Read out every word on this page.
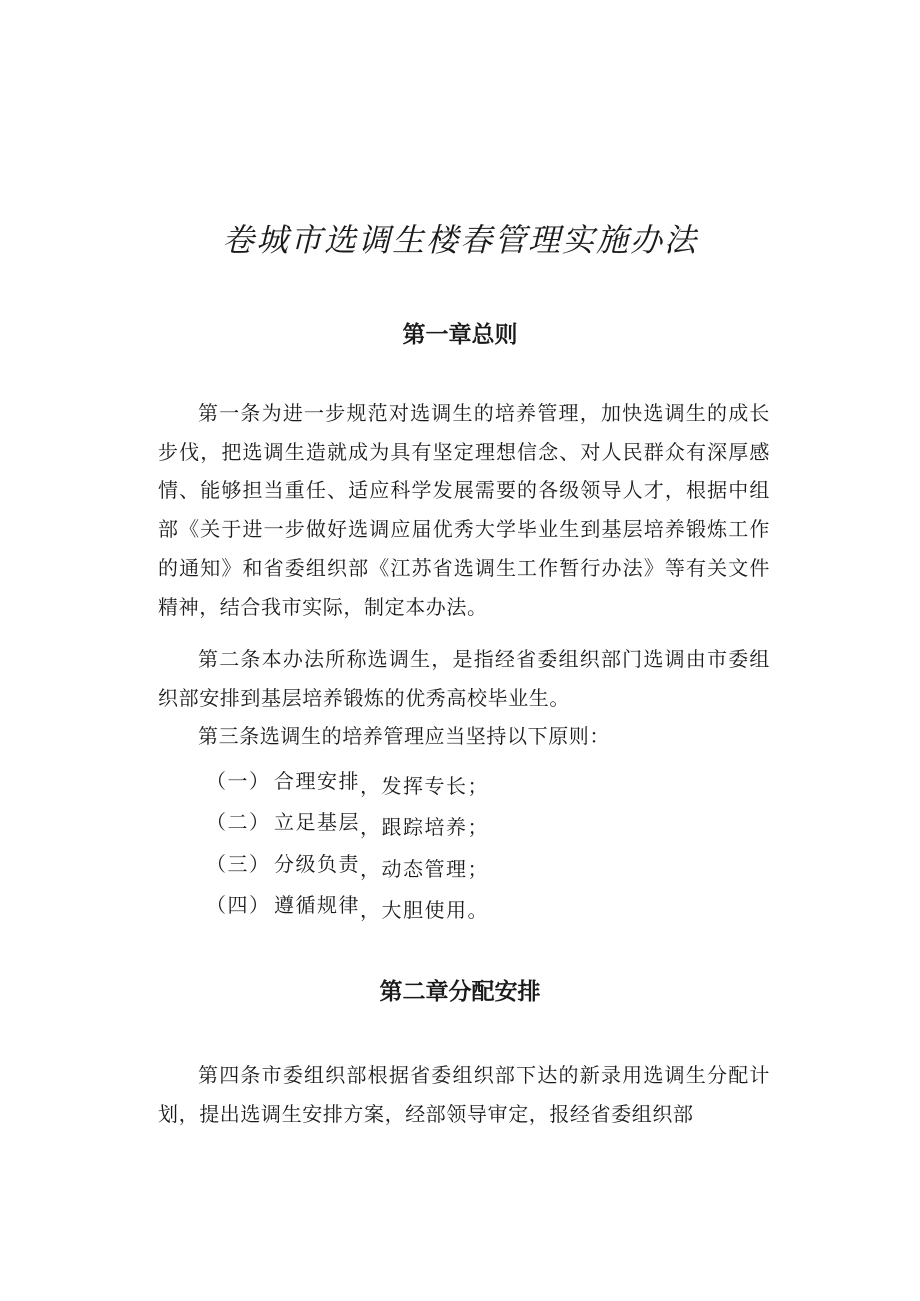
卷城市选调生楼春管理实施办法
第一章总则

第一条为进一步规范对选调生的培养管理，加快选调生的成长步伐，把选调生造就成为具有坚定理想信念、对人民群众有深厚感情、能够担当重任、适应科学发展需要的各级领导人才，根据中组部《关于进一步做好选调应届优秀大学毕业生到基层培养锻炼工作的通知》和省委组织部《江苏省选调生工作暂行办法》等有关文件精神，结合我市实际，制定本办法。

第二条本办法所称选调生，是指经省委组织部门选调由市委组织部安排到基层培养锻炼的优秀高校毕业生。

第三条选调生的培养管理应当坚持以下原则：

（一） 合理安排，发挥专长；

（二） 立足基层，跟踪培养；

（三） 分级负责，动态管理；

（四） 遵循规律，大胆使用。

第二章分配安排

第四条市委组织部根据省委组织部下达的新录用选调生分配计划，提出选调生安排方案，经部领导审定，报经省委组织部
